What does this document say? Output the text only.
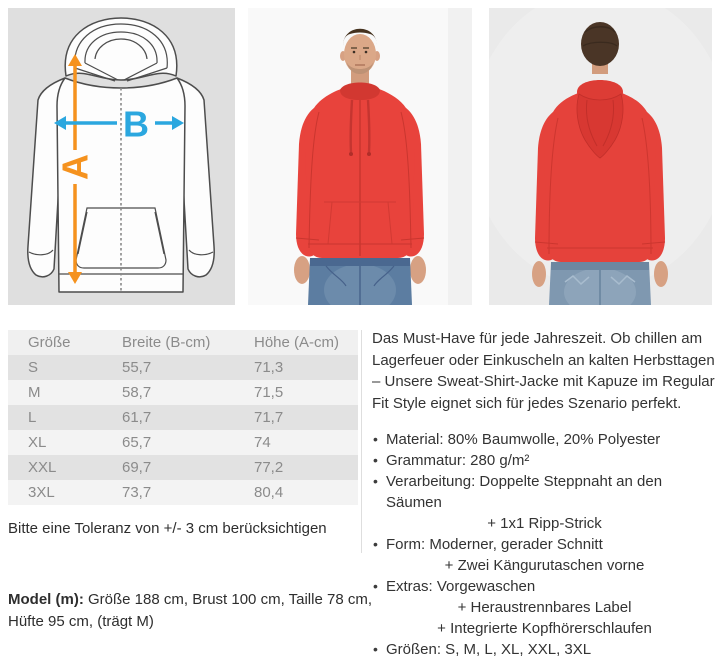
A
B
Größe	Breite (B-cm)	Höhe (A-cm)
S	55,7	71,3
M	58,7	71,5
L	61,7	71,7
XL	65,7	74
XXL	69,7	77,2
3XL	73,7	80,4
Bitte eine Toleranz von +/- 3 cm berücksichtigen
Model (m): Größe 188 cm, Brust 100 cm, Taille 78 cm, Hüfte 95 cm, (trägt M)

Das Must-Have für jede Jahreszeit. Ob chillen am Lagerfeuer oder Einkuscheln an kalten Herbsttagen – Unsere Sweat-Shirt-Jacke mit Kapuze im Regular Fit Style eignet sich für jedes Szenario perfekt.

• Material: 80% Baumwolle, 20% Polyester
• Grammatur: 280 g/m²
• Verarbeitung: Doppelte Steppnaht an den Säumen
+ 1x1 Ripp-Strick
• Form: Moderner, gerader Schnitt
+ Zwei Kängurutaschen vorne
• Extras: Vorgewaschen
+ Heraustrennbares Label
+ Integrierte Kopfhörerschlaufen
• Größen: S, M, L, XL, XXL, 3XL
